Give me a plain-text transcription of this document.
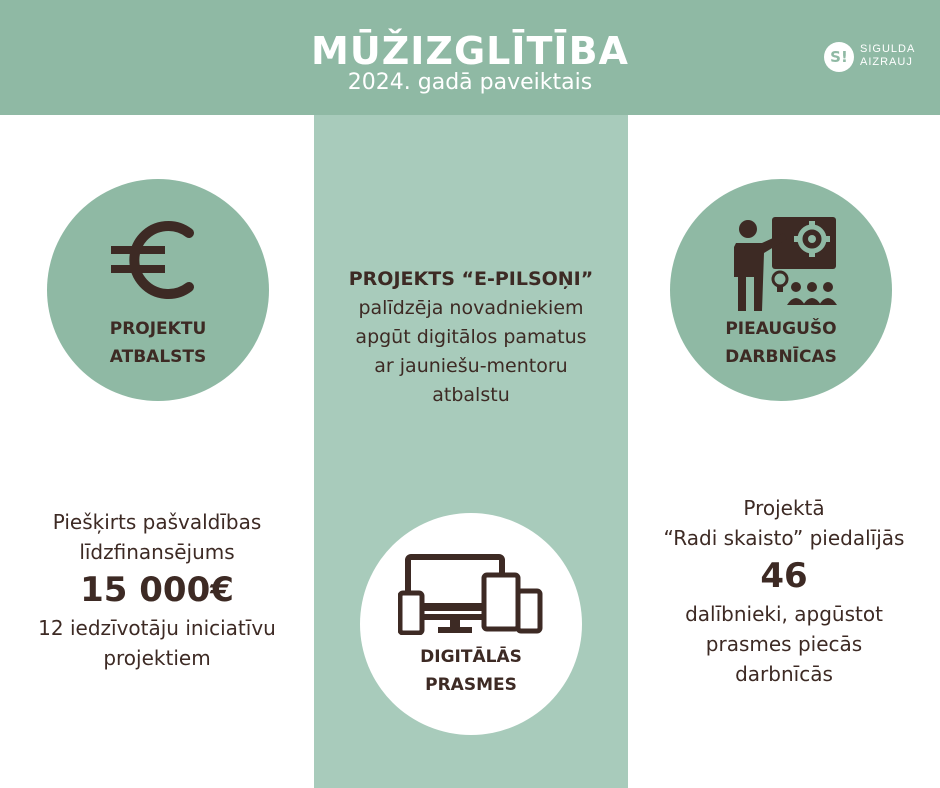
MŪŽIZGLĪTĪBA
2024. gadā paveiktais
S!	SIGULDA
AIZRAUJ
PROJEKTU
ATBALSTS
PIEAUGUŠO
DARBNĪCAS
PROJEKTS “E-PILSOŅI”
palīdzēja novadniekiem
apgūt digitālos pamatus
ar jauniešu-mentoru
atbalstu
DIGITĀLĀS
PRASMES
Piešķirts pašvaldības
līdzfinansējums
15 000€
12 iedzīvotāju iniciatīvu
projektiem
Projektā
“Radi skaisto” piedalījās
46
dalībnieki, apgūstot
prasmes piecās
darbnīcās
